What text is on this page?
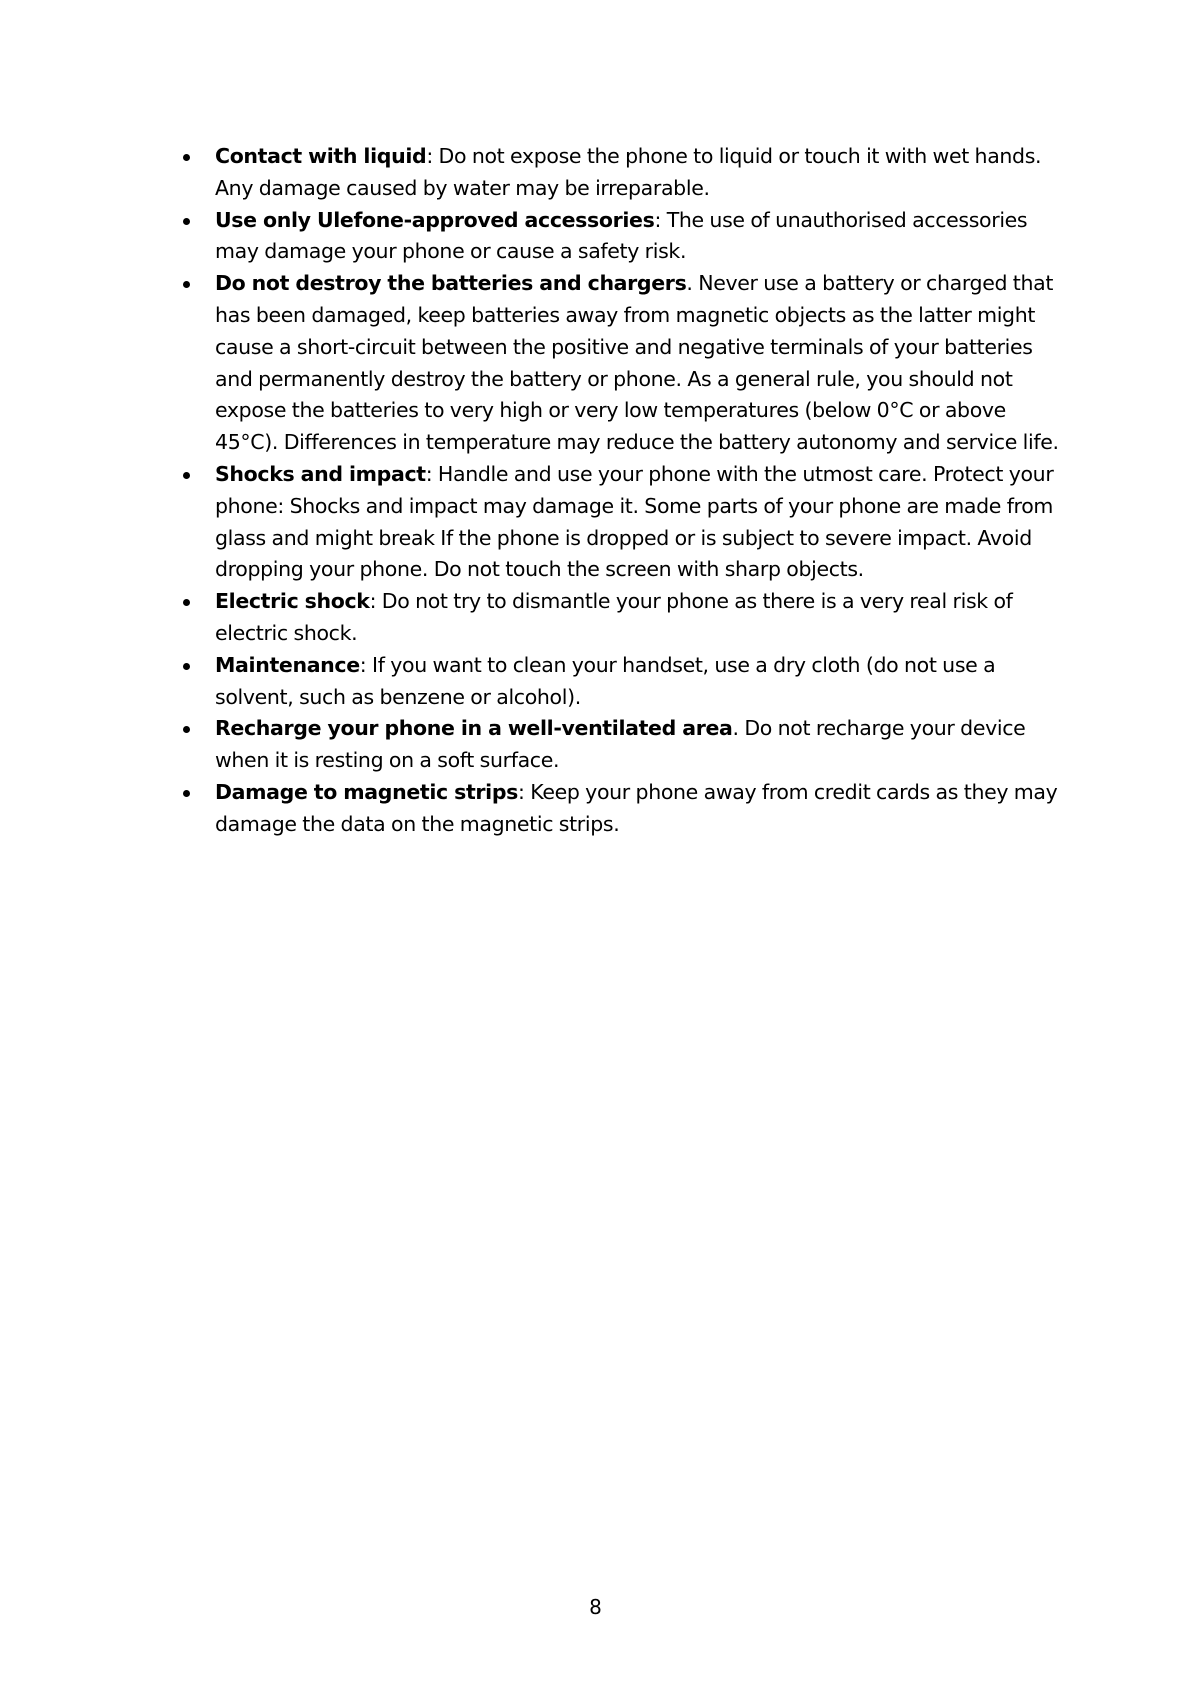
Contact with liquid: Do not expose the phone to liquid or touch it with wet hands. Any damage caused by water may be irreparable.
Use only Ulefone-approved accessories: The use of unauthorised accessories may damage your phone or cause a safety risk.
Do not destroy the batteries and chargers. Never use a battery or charged that has been damaged, keep batteries away from magnetic objects as the latter might cause a short-circuit between the positive and negative terminals of your batteries and permanently destroy the battery or phone. As a general rule, you should not expose the batteries to very high or very low temperatures (below 0°C or above 45°C). Differences in temperature may reduce the battery autonomy and service life.
Shocks and impact: Handle and use your phone with the utmost care. Protect your phone: Shocks and impact may damage it. Some parts of your phone are made from glass and might break If the phone is dropped or is subject to severe impact. Avoid dropping your phone. Do not touch the screen with sharp objects.
Electric shock: Do not try to dismantle your phone as there is a very real risk of electric shock.
Maintenance: If you want to clean your handset, use a dry cloth (do not use a solvent, such as benzene or alcohol).
Recharge your phone in a well-ventilated area. Do not recharge your device when it is resting on a soft surface.
Damage to magnetic strips: Keep your phone away from credit cards as they may damage the data on the magnetic strips.
8
